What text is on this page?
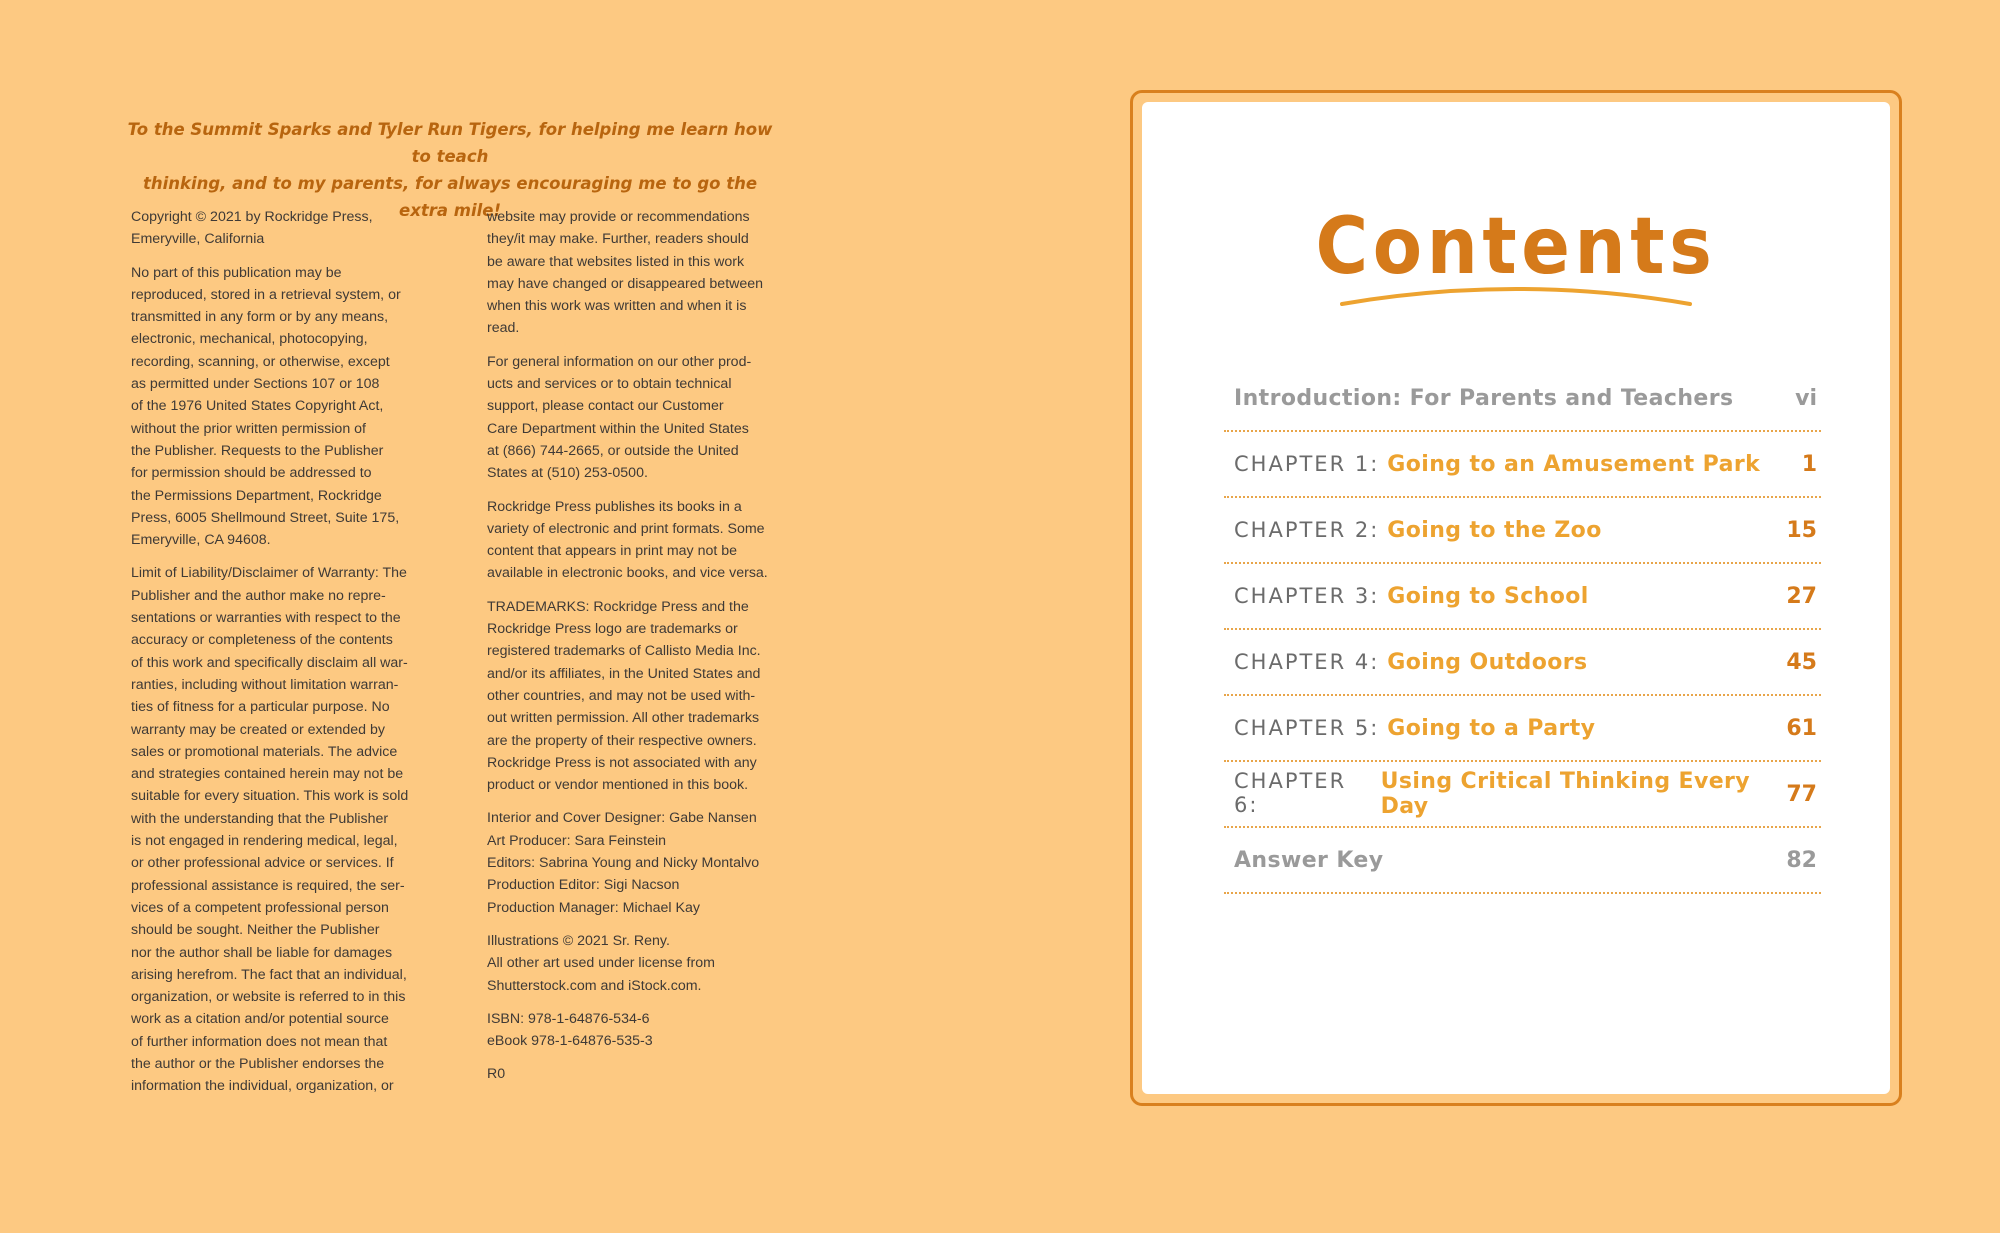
To the Summit Sparks and Tyler Run Tigers, for helping me learn how to teach
thinking, and to my parents, for always encouraging me to go the extra mile!

Copyright © 2021 by Rockridge Press,
Emeryville, California

No part of this publication may be
reproduced, stored in a retrieval system, or
transmitted in any form or by any means,
electronic, mechanical, photocopying,
recording, scanning, or otherwise, except
as permitted under Sections 107 or 108
of the 1976 United States Copyright Act,
without the prior written permission of
the Publisher. Requests to the Publisher
for permission should be addressed to
the Permissions Department, Rockridge
Press, 6005 Shellmound Street, Suite 175,
Emeryville, CA 94608.

Limit of Liability/Disclaimer of Warranty: The
Publisher and the author make no repre-
sentations or warranties with respect to the
accuracy or completeness of the contents
of this work and specifically disclaim all war-
ranties, including without limitation warran-
ties of fitness for a particular purpose. No
warranty may be created or extended by
sales or promotional materials. The advice
and strategies contained herein may not be
suitable for every situation. This work is sold
with the understanding that the Publisher
is not engaged in rendering medical, legal,
or other professional advice or services. If
professional assistance is required, the ser-
vices of a competent professional person
should be sought. Neither the Publisher
nor the author shall be liable for damages
arising herefrom. The fact that an individual,
organization, or website is referred to in this
work as a citation and/or potential source
of further information does not mean that
the author or the Publisher endorses the
information the individual, organization, or

website may provide or recommendations
they/it may make. Further, readers should
be aware that websites listed in this work
may have changed or disappeared between
when this work was written and when it is
read.

For general information on our other prod-
ucts and services or to obtain technical
support, please contact our Customer
Care Department within the United States
at (866) 744-2665, or outside the United
States at (510) 253-0500.

Rockridge Press publishes its books in a
variety of electronic and print formats. Some
content that appears in print may not be
available in electronic books, and vice versa.

TRADEMARKS: Rockridge Press and the
Rockridge Press logo are trademarks or
registered trademarks of Callisto Media Inc.
and/or its affiliates, in the United States and
other countries, and may not be used with-
out written permission. All other trademarks
are the property of their respective owners.
Rockridge Press is not associated with any
product or vendor mentioned in this book.

Interior and Cover Designer: Gabe Nansen
Art Producer: Sara Feinstein
Editors: Sabrina Young and Nicky Montalvo
Production Editor: Sigi Nacson
Production Manager: Michael Kay

Illustrations © 2021 Sr. Reny.
All other art used under license from
Shutterstock.com and iStock.com.

ISBN: 978-1-64876-534-6
eBook 978-1-64876-535-3

R0

Contents
Introduction: For Parents and Teachers	vi
CHAPTER 1: Going to an Amusement Park 1
CHAPTER 2: Going to the Zoo	15
CHAPTER 3: Going to School	27
CHAPTER 4: Going Outdoors	45
CHAPTER 5: Going to a Party	61
CHAPTER 6:
Using Critical Thinking Every Day	77
Answer Key	82
